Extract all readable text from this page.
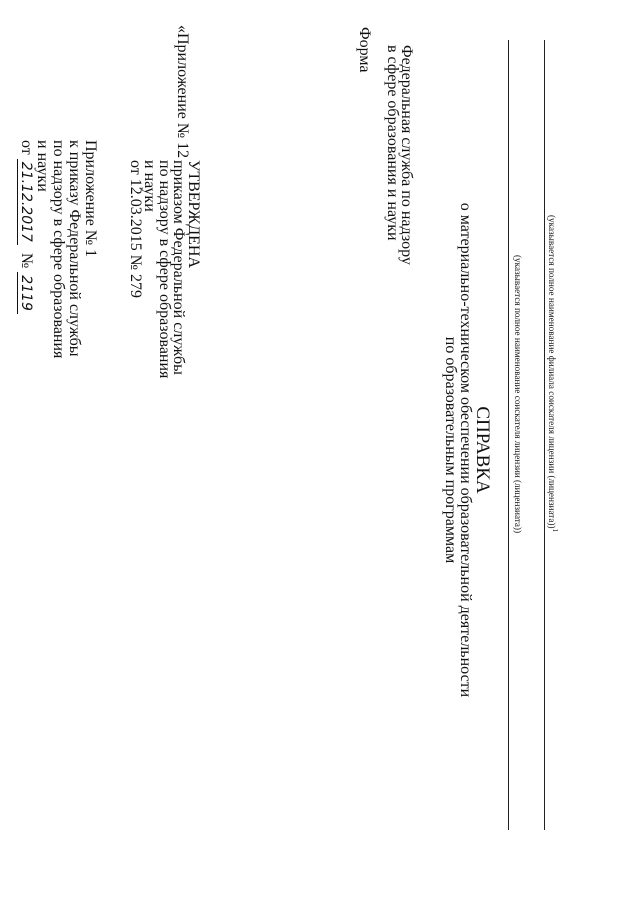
Приложение № 1
к приказу Федеральной службы
по надзору в сфере образования
и науки
от 21.12.2017  № 2119
«Приложение № 12
УТВЕРЖДЕНА
приказом Федеральной службы
по надзору в сфере образования
и науки
от 12.03.2015 № 279
Форма Федеральная служба по надзору
в сфере образования и науки
СПРАВКА
о материально-техническом обеспечении образовательной деятельности
по образовательным программам	(указывается полное наименование соискателя лицензии (лицензиата))	(указывается полное наименование филиала соискателя лицензии (лицензиата))$^1$
